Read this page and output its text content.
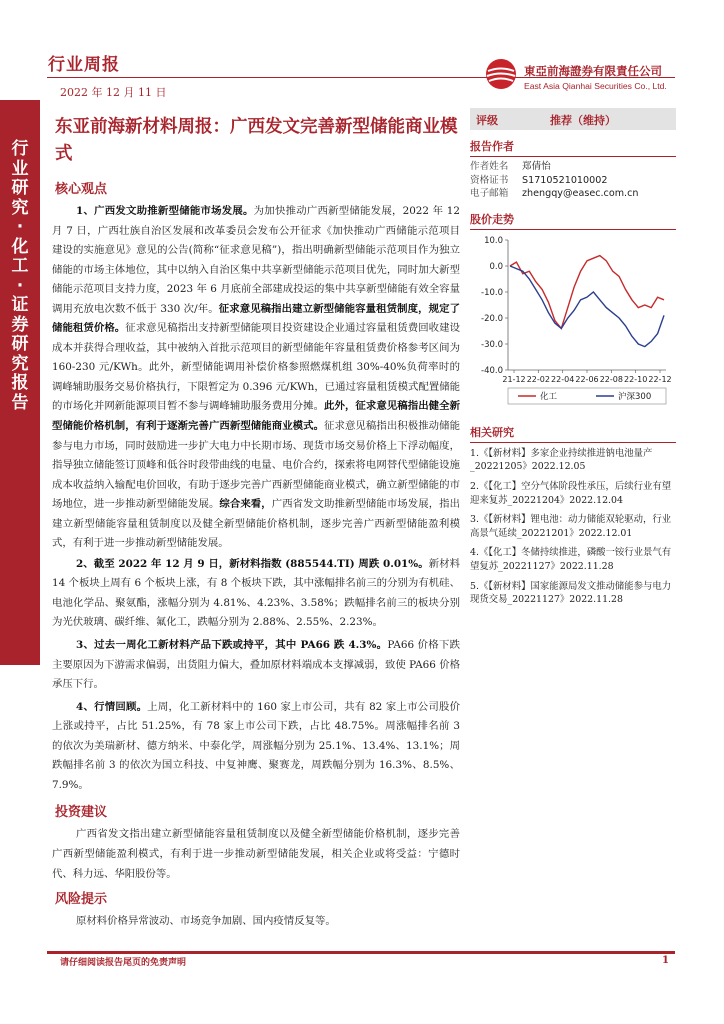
行业研究·化工·证券研究报告
行业周报
2022 年 12 月 11 日
東亞前海證券有限責任公司
East Asia Qianhai Securities Co., Ltd.
东亚前海新材料周报：广西发文完善新型储能商业模式
核心观点

1、广西发文助推新型储能市场发展。为加快推动广西新型储能发展，2022 年 12 月 7 日，广西壮族自治区发展和改革委员会发布公开征求《加快推动广西储能示范项目建设的实施意见》意见的公告(简称“征求意见稿”)，指出明确新型储能示范项目作为独立储能的市场主体地位，其中以纳入自治区集中共享新型储能示范项目优先，同时加大新型储能示范项目支持力度，2023 年 6 月底前全部建成投运的集中共享新型储能有效全容量调用充放电次数不低于 330 次/年。征求意见稿指出建立新型储能容量租赁制度，规定了储能租赁价格。征求意见稿指出支持新型储能项目投资建设企业通过容量租赁费回收建设成本并获得合理收益，其中被纳入首批示范项目的新型储能年容量租赁费价格参考区间为 160-230 元/KWh。此外，新型储能调用补偿价格参照燃煤机组 30%-40%负荷率时的调峰辅助服务交易价格执行，下限暂定为 0.396 元/KWh，已通过容量租赁模式配置储能的市场化并网新能源项目暂不参与调峰辅助服务费用分摊。此外，征求意见稿指出健全新型储能价格机制，有利于逐渐完善广西新型储能商业模式。征求意见稿指出积极推动储能参与电力市场，同时鼓励进一步扩大电力中长期市场、现货市场交易价格上下浮动幅度，指导独立储能签订顶峰和低谷时段带曲线的电量、电价合约，探索将电网替代型储能设施成本收益纳入输配电价回收，有助于逐步完善广西新型储能商业模式，确立新型储能的市场地位，进一步推动新型储能发展。综合来看，广西省发文助推新型储能市场发展，指出建立新型储能容量租赁制度以及健全新型储能价格机制，逐步完善广西新型储能盈利模式，有利于进一步推动新型储能发展。

2、截至 2022 年 12 月 9 日，新材料指数 (885544.TI) 周跌 0.01%。新材料 14 个板块上周有 6 个板块上涨，有 8 个板块下跌，其中涨幅排名前三的分别为有机硅、电池化学品、聚氨酯，涨幅分别为 4.81%、4.23%、3.58%；跌幅排名前三的板块分别为光伏玻璃、碳纤维、氟化工，跌幅分别为 2.88%、2.55%、2.23%。

3、过去一周化工新材料产品下跌或持平，其中 PA66 跌 4.3%。PA66 价格下跌主要原因为下游需求偏弱，出货阻力偏大，叠加原材料端成本支撑减弱，致使 PA66 价格承压下行。

4、行情回顾。上周，化工新材料中的 160 家上市公司，共有 82 家上市公司股价上涨或持平，占比 51.25%，有 78 家上市公司下跌，占比 48.75%。周涨幅排名前 3 的依次为美瑞新材、德方纳米、中泰化学，周涨幅分别为 25.1%、13.4%、13.1%；周跌幅排名前 3 的依次为国立科技、中复神鹰、聚赛龙，周跌幅分别为 16.3%、8.5%、7.9%。

投资建议

广西省发文指出建立新型储能容量租赁制度以及健全新型储能价格机制，逐步完善广西新型储能盈利模式，有利于进一步推动新型储能发展，相关企业或将受益：宁德时代、科力远、华阳股份等。

风险提示

原材料价格异常波动、市场竞争加剧、国内疫情反复等。

评级	推荐（维持）
报告作者
作者姓名	郑倩怡
资格证书	S1710521010002
电子邮箱	zhengqy@easec.com.cn
股价走势
10.0
0.0
-10.0
-20.0
-30.0
-40.0
21-12 22-02 22-04 22-06 22-08 22-10 22-12
化工	沪深300
相关研究
1.《【新材料】多家企业持续推进钠电池量产_20221205》2022.12.05
2.《【化工】空分气体阶段性承压，后续行业有望迎来复苏_20221204》2022.12.04
3.《【新材料】锂电池：动力储能双轮驱动，行业高景气延续_20221201》2022.12.01
4.《【化工】冬储持续推进，磷酸一铵行业景气有望复苏_20221127》2022.11.28
5.《【新材料】国家能源局发文推动储能参与电力现货交易_20221127》2022.11.28
请仔细阅读报告尾页的免责声明	1
